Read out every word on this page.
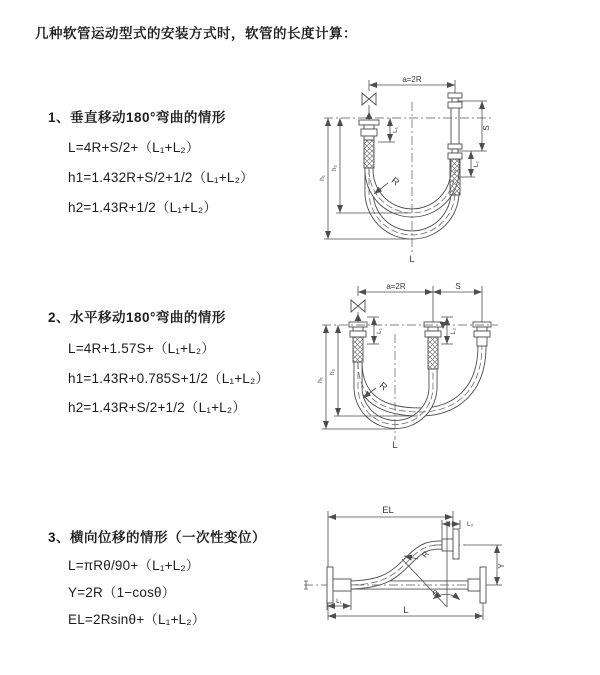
几种软管运动型式的安装方式时，软管的长度计算：
1、垂直移动180°弯曲的情形
L=4R+S/2+（L₁+L₂）
h1=1.432R+S/2+1/2（L₁+L₂）
h2=1.43R+1/2（L₁+L₂）
2、水平移动180°弯曲的情形
L=4R+1.57S+（L₁+L₂）
h1=1.43R+0.785S+1/2（L₁+L₂）
h2=1.43R+S/2+1/2（L₁+L₂）
3、横向位移的情形（一次性变位）
L=πRθ/90+（L₁+L₂）
Y=2R（1−cosθ）
EL=2Rsinθ+（L₁+L₂）
a=2R
S
L₂
L₁
h₁
h₂
R
L
a=2R	S
L₁	L₂
h₁
h₂
R
L
θ
EL
L₂
Y
L₁
L
R
